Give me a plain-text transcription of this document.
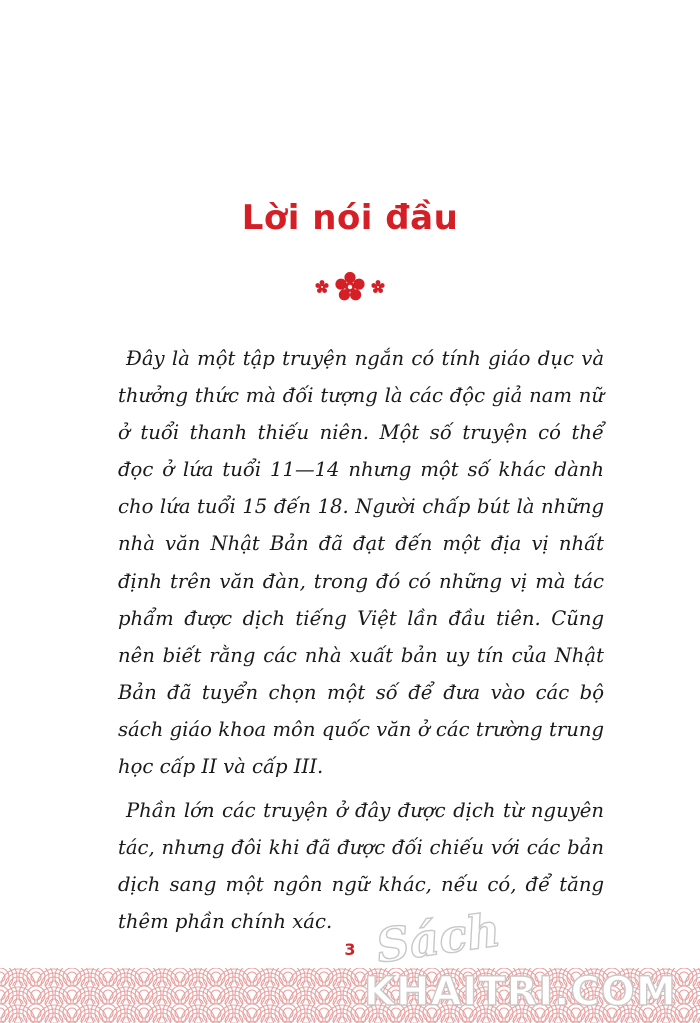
Lời nói đầu

Đây là một tập truyện ngắn có tính giáo dục và thưởng thức mà đối tượng là các độc giả nam nữ ở tuổi thanh thiếu niên. Một số truyện có thể đọc ở lứa tuổi 11—14 nhưng một số khác dành cho lứa tuổi 15 đến 18. Người chấp bút là những nhà văn Nhật Bản đã đạt đến một địa vị nhất định trên văn đàn, trong đó có những vị mà tác phẩm được dịch tiếng Việt lần đầu tiên. Cũng nên biết rằng các nhà xuất bản uy tín của Nhật Bản đã tuyển chọn một số để đưa vào các bộ sách giáo khoa môn quốc văn ở các trường trung học cấp II và cấp III.

Phần lớn các truyện ở đây được dịch từ nguyên tác, nhưng đôi khi đã được đối chiếu với các bản dịch sang một ngôn ngữ khác, nếu có, để tăng thêm phần chính xác.

3 Sách
KHAITRI.COM
